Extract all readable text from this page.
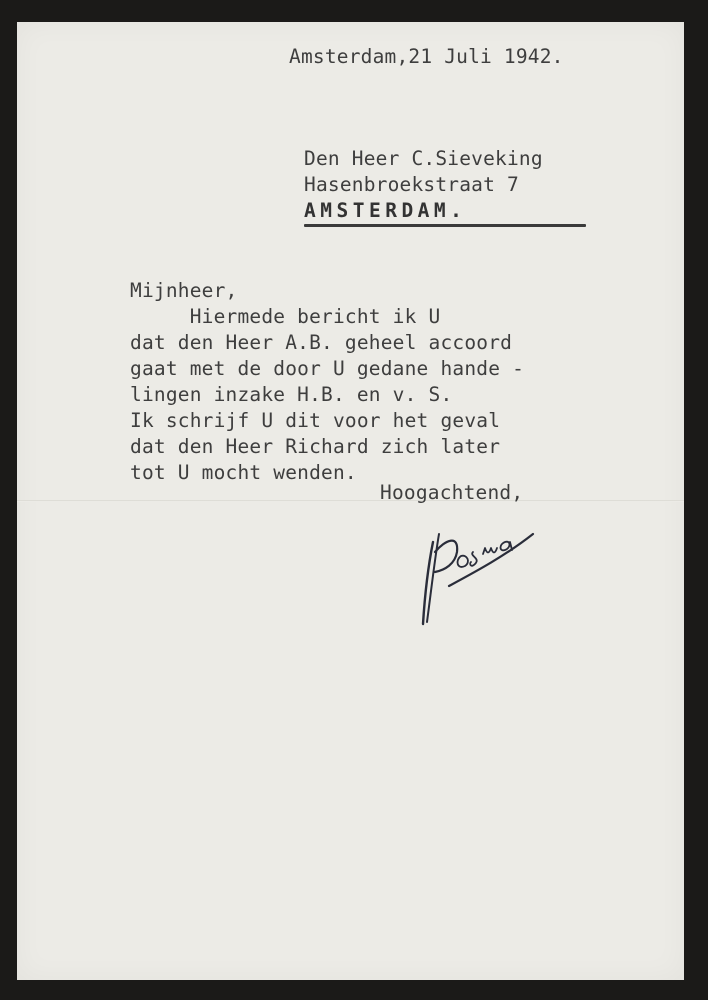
Amsterdam,21 Juli 1942.
Den Heer C.Sieveking
Hasenbroekstraat 7
AMSTERDAM.
Mijnheer,
Hiermede bericht ik U
dat den Heer A.B. geheel accoord
gaat met de door U gedane hande -
lingen inzake H.B. en v. S.
Ik schrijf U dit voor het geval
dat den Heer Richard zich later
tot U mocht wenden.
Hoogachtend,
